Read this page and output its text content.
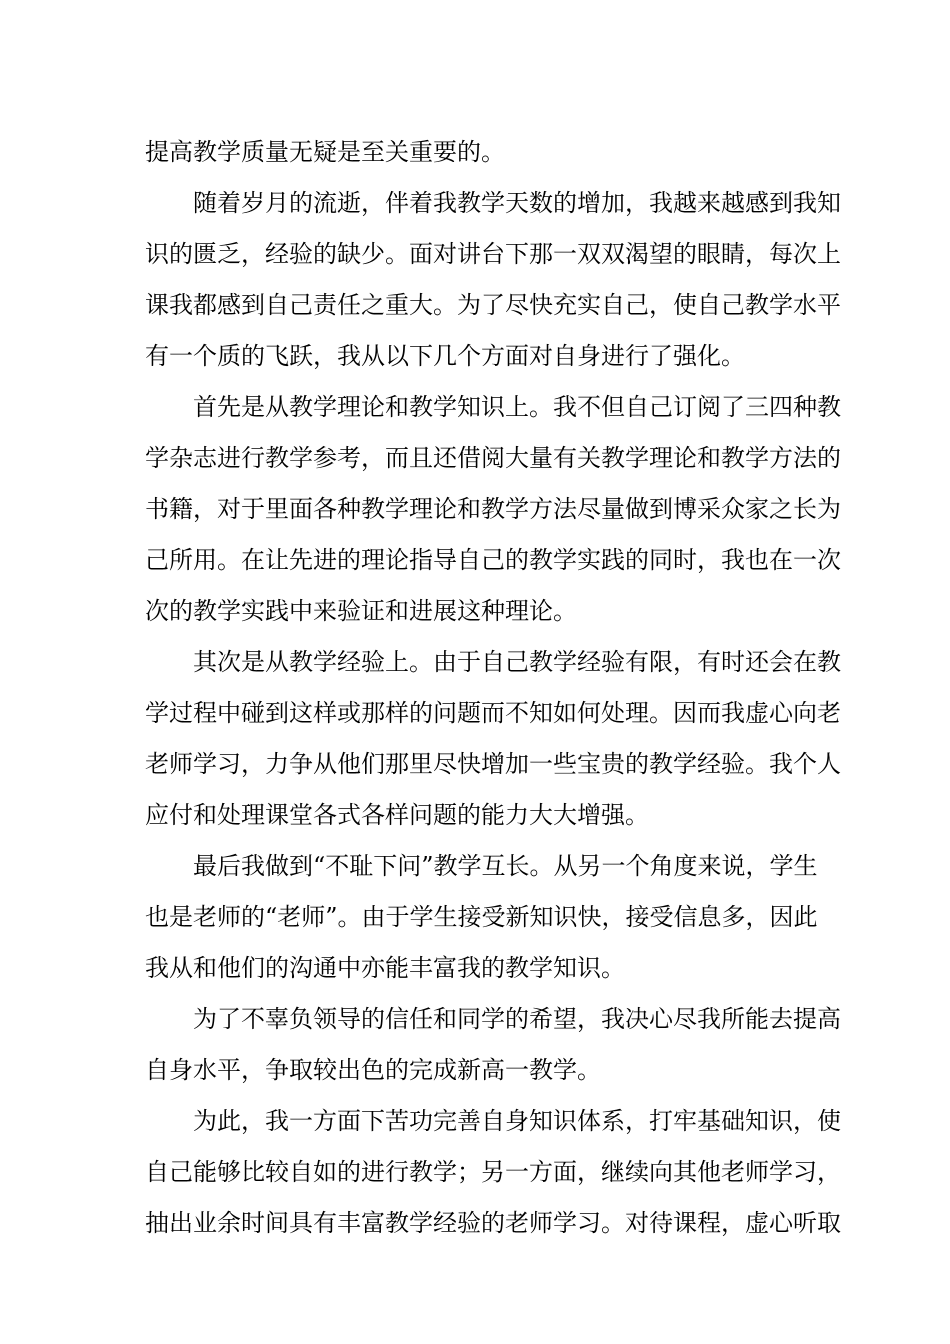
提高教学质量无疑是至关重要的。
随着岁月的流逝，伴着我教学天数的增加，我越来越感到我知
识的匮乏，经验的缺少。面对讲台下那一双双渴望的眼睛，每次上
课我都感到自己责任之重大。为了尽快充实自己，使自己教学水平
有一个质的飞跃，我从以下几个方面对自身进行了强化。
首先是从教学理论和教学知识上。我不但自己订阅了三四种教
学杂志进行教学参考，而且还借阅大量有关教学理论和教学方法的
书籍，对于里面各种教学理论和教学方法尽量做到博采众家之长为
己所用。在让先进的理论指导自己的教学实践的同时，我也在一次
次的教学实践中来验证和进展这种理论。
其次是从教学经验上。由于自己教学经验有限，有时还会在教
学过程中碰到这样或那样的问题而不知如何处理。因而我虚心向老
老师学习，力争从他们那里尽快增加一些宝贵的教学经验。我个人
应付和处理课堂各式各样问题的能力大大增强。
最后我做到“不耻下问”教学互长。从另一个角度来说，学生
也是老师的“老师”。由于学生接受新知识快，接受信息多，因此
我从和他们的沟通中亦能丰富我的教学知识。
为了不辜负领导的信任和同学的希望，我决心尽我所能去提高
自身水平，争取较出色的完成新高一教学。
为此，我一方面下苦功完善自身知识体系，打牢基础知识，使
自己能够比较自如的进行教学；另一方面，继续向其他老师学习，
抽出业余时间具有丰富教学经验的老师学习。对待课程，虚心听取
